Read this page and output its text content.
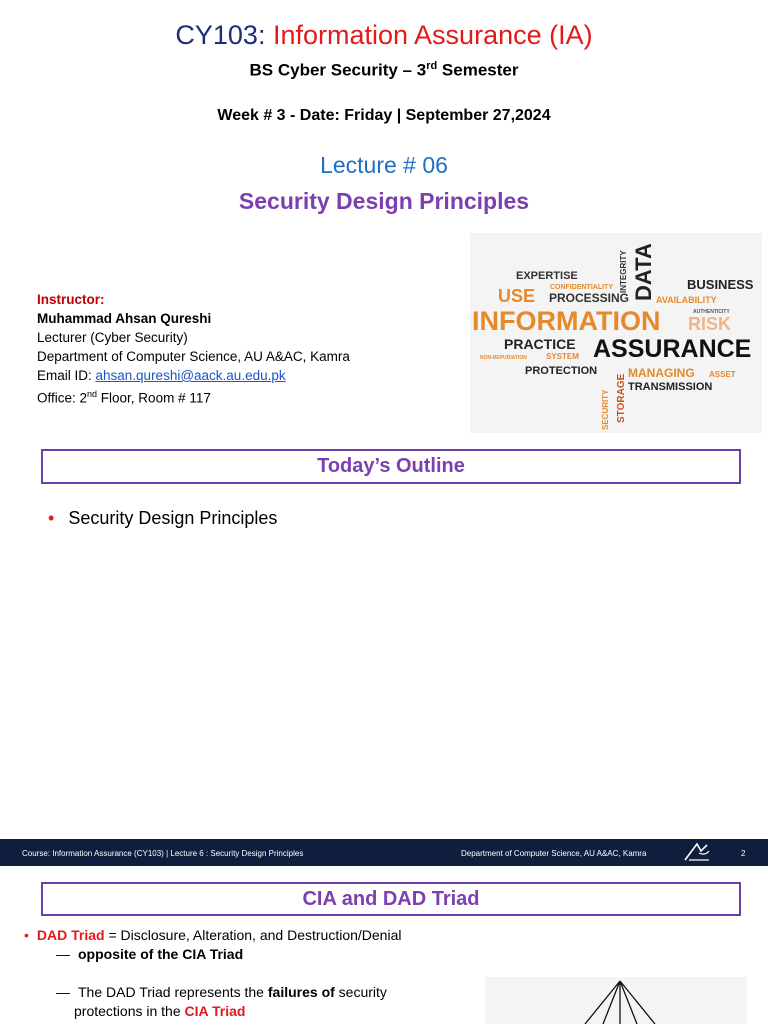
CY103: Information Assurance (IA)
BS Cyber Security – 3rd Semester
Week # 3 - Date: Friday | September 27,2024
Lecture # 06
Security Design Principles
Instructor:
Muhammad Ahsan Qureshi
Lecturer (Cyber Security)
Department of Computer Science, AU A&AC, Kamra
Email ID: ahsan.qureshi@aack.au.edu.pk
Office: 2nd Floor, Room # 117
EXPERTISE
CONFIDENTIALITY INTEGRITY DATA BUSINESS
USE PROCESSING	AVAILABILITY
AUTHENTICITY
INFORMATION RISK
PRACTICE ASSURANCE
NON-REPUDIATION SYSTEM
PROTECTION	MANAGING ASSET
TRANSMISSION
SECURITY STORAGE
Today’s Outline
• Security Design Principles
Course: Information Assurance (CY103) | Lecture 6 : Security Design Principles	Department of Computer Science, AU A&AC, Kamra	2
CIA and DAD Triad
• DAD Triad = Disclosure, Alteration, and Destruction/Denial
— opposite of the CIA Triad
— The DAD Triad represents the failures of security
protections in the CIA Triad
